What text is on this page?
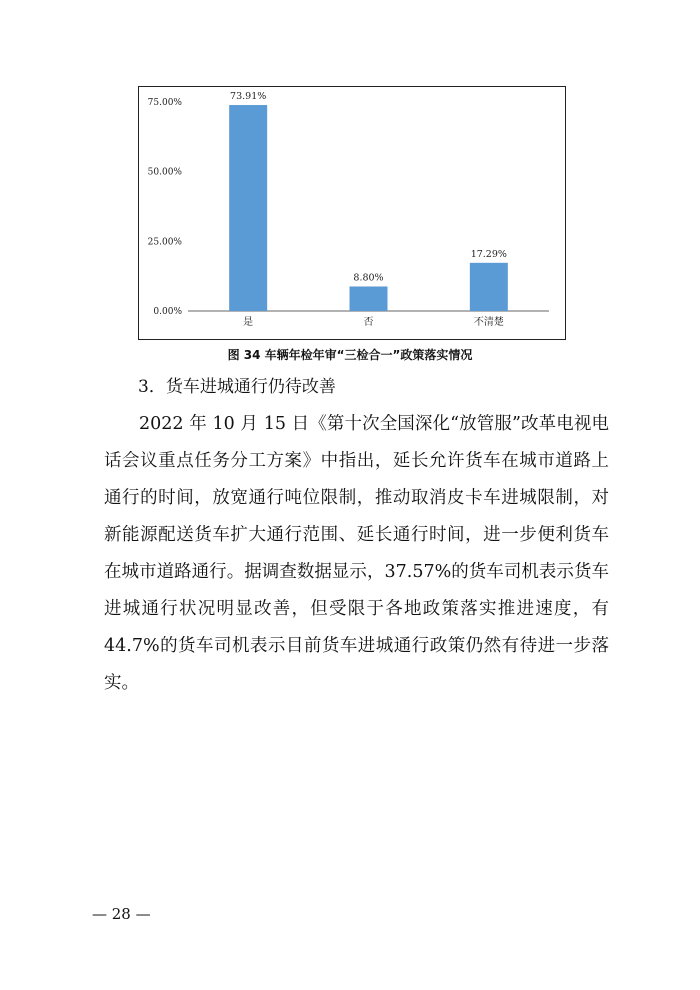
0.00%
25.00%
50.00%
75.00%
73.91%
是
8.80%
否
17.29%
不清楚
图 34 车辆年检年审“三检合一”政策落实情况
3．货车进城通行仍待改善

2022 年 10 月 15 日《第十次全国深化“放管服”改革电视电话会议重点任务分工方案》中指出，延长允许货车在城市道路上通行的时间，放宽通行吨位限制，推动取消皮卡车进城限制，对新能源配送货车扩大通行范围、延长通行时间，进一步便利货车在城市道路通行。据调查数据显示，37.57%的货车司机表示货车进城通行状况明显改善，但受限于各地政策落实推进速度，有 44.7%的货车司机表示目前货车进城通行政策仍然有待进一步落实。

— 28 —
